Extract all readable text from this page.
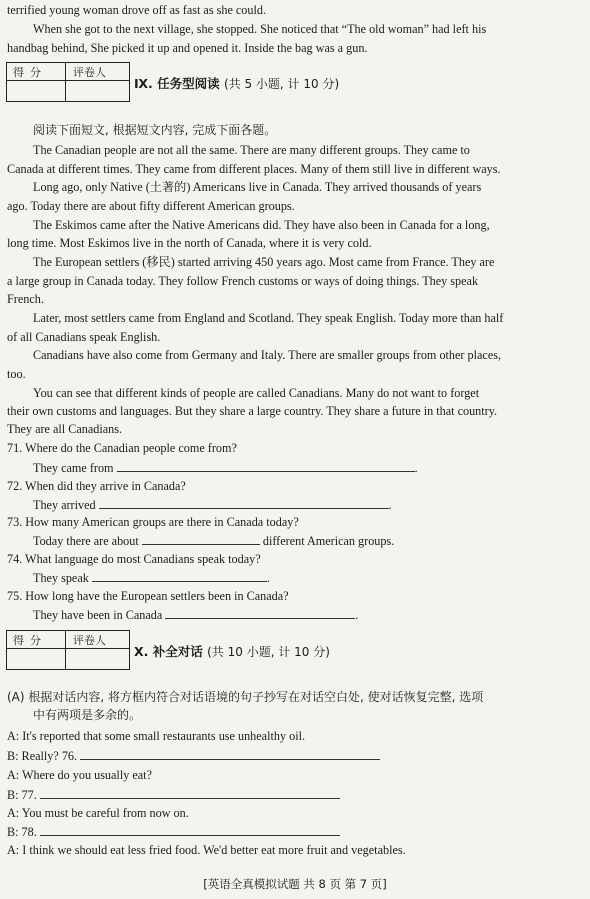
terrified young woman drove off as fast as she could.
When she got to the next village, she stopped. She noticed that “The old woman” had left his
handbag behind, She picked it up and opened it. Inside the bag was a gun.
得分 评卷人
Ⅸ. 任务型阅读 (共 5 小题, 计 10 分)
阅读下面短文, 根据短文内容, 完成下面各题。
The Canadian people are not all the same. There are many different groups. They came to
Canada at different times. They came from different places. Many of them still live in different ways.
Long ago, only Native (土著的) Americans live in Canada. They arrived thousands of years
ago. Today there are about fifty different American groups.
The Eskimos came after the Native Americans did. They have also been in Canada for a long,
long time. Most Eskimos live in the north of Canada, where it is very cold.
The European settlers (移民) started arriving 450 years ago. Most came from France. They are
a large group in Canada today. They follow French customs or ways of doing things. They speak
French.
Later, most settlers came from England and Scotland. They speak English. Today more than half
of all Canadians speak English.
Canadians have also come from Germany and Italy. There are smaller groups from other places,
too.
You can see that different kinds of people are called Canadians. Many do not want to forget
their own customs and languages. But they share a large country. They share a future in that country.
They are all Canadians.
71. Where do the Canadian people come from?
They came from	.
72. When did they arrive in Canada?
They arrived	.
73. How many American groups are there in Canada today?
Today there are about	different American groups.
74. What language do most Canadians speak today?
They speak	.
75. How long have the European settlers been in Canada?
They have been in Canada	.
得分 评卷人
X. 补全对话 (共 10 小题, 计 10 分)
(A) 根据对话内容, 将方框内符合对话语境的句子抄写在对话空白处, 使对话恢复完整, 选项
中有两项是多余的。
A: It's reported that some small restaurants use unhealthy oil.
B: Really? 76.
A: Where do you usually eat?
B: 77.
A: You must be careful from now on.
B: 78.
A: I think we should eat less fried food. We'd better eat more fruit and vegetables.
[英语全真模拟试题 共 8 页 第 7 页]
